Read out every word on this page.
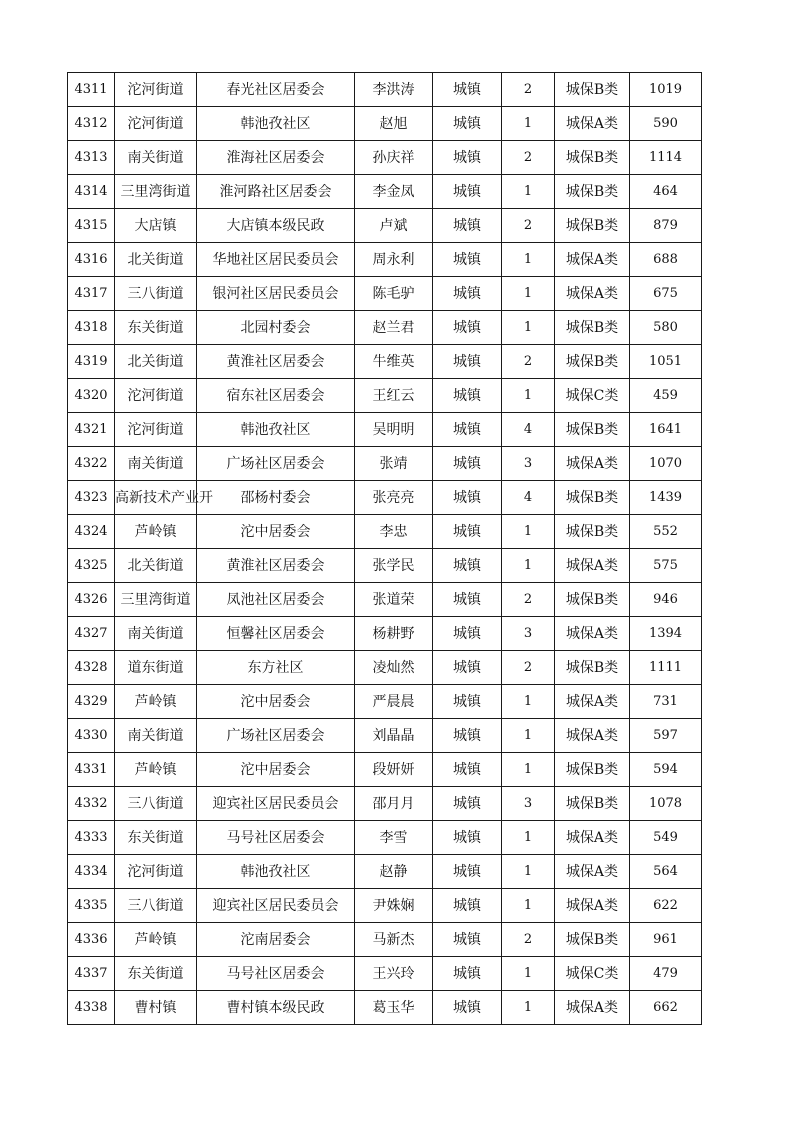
4311	沱河街道	春光社区居委会	李洪涛	城镇	2	城保B类	1019
4312	沱河街道	韩池孜社区	赵旭	城镇	1	城保A类	590
4313	南关街道	淮海社区居委会	孙庆祥	城镇	2	城保B类	1114
4314	三里湾街道	淮河路社区居委会	李金凤	城镇	1	城保B类	464
4315	大店镇	大店镇本级民政	卢斌	城镇	2	城保B类	879
4316	北关街道	华地社区居民委员会	周永利	城镇	1	城保A类	688
4317	三八街道	银河社区居民委员会	陈毛驴	城镇	1	城保A类	675
4318	东关街道	北园村委会	赵兰君	城镇	1	城保B类	580
4319	北关街道	黄淮社区居委会	牛维英	城镇	2	城保B类	1051
4320	沱河街道	宿东社区居委会	王红云	城镇	1	城保C类	459
4321	沱河街道	韩池孜社区	吴明明	城镇	4	城保B类	1641
4322	南关街道	广场社区居委会	张靖	城镇	3	城保A类	1070
4323	高新技术产业开	邵杨村委会	张亮亮	城镇	4	城保B类	1439
4324	芦岭镇	沱中居委会	李忠	城镇	1	城保B类	552
4325	北关街道	黄淮社区居委会	张学民	城镇	1	城保A类	575
4326	三里湾街道	凤池社区居委会	张道荣	城镇	2	城保B类	946
4327	南关街道	恒馨社区居委会	杨耕野	城镇	3	城保A类	1394
4328	道东街道	东方社区	凌灿然	城镇	2	城保B类	1111
4329	芦岭镇	沱中居委会	严晨晨	城镇	1	城保A类	731
4330	南关街道	广场社区居委会	刘晶晶	城镇	1	城保A类	597
4331	芦岭镇	沱中居委会	段妍妍	城镇	1	城保B类	594
4332	三八街道	迎宾社区居民委员会	邵月月	城镇	3	城保B类	1078
4333	东关街道	马号社区居委会	李雪	城镇	1	城保A类	549
4334	沱河街道	韩池孜社区	赵静	城镇	1	城保A类	564
4335	三八街道	迎宾社区居民委员会	尹姝娴	城镇	1	城保A类	622
4336	芦岭镇	沱南居委会	马新杰	城镇	2	城保B类	961
4337	东关街道	马号社区居委会	王兴玲	城镇	1	城保C类	479
4338	曹村镇	曹村镇本级民政	葛玉华	城镇	1	城保A类	662
